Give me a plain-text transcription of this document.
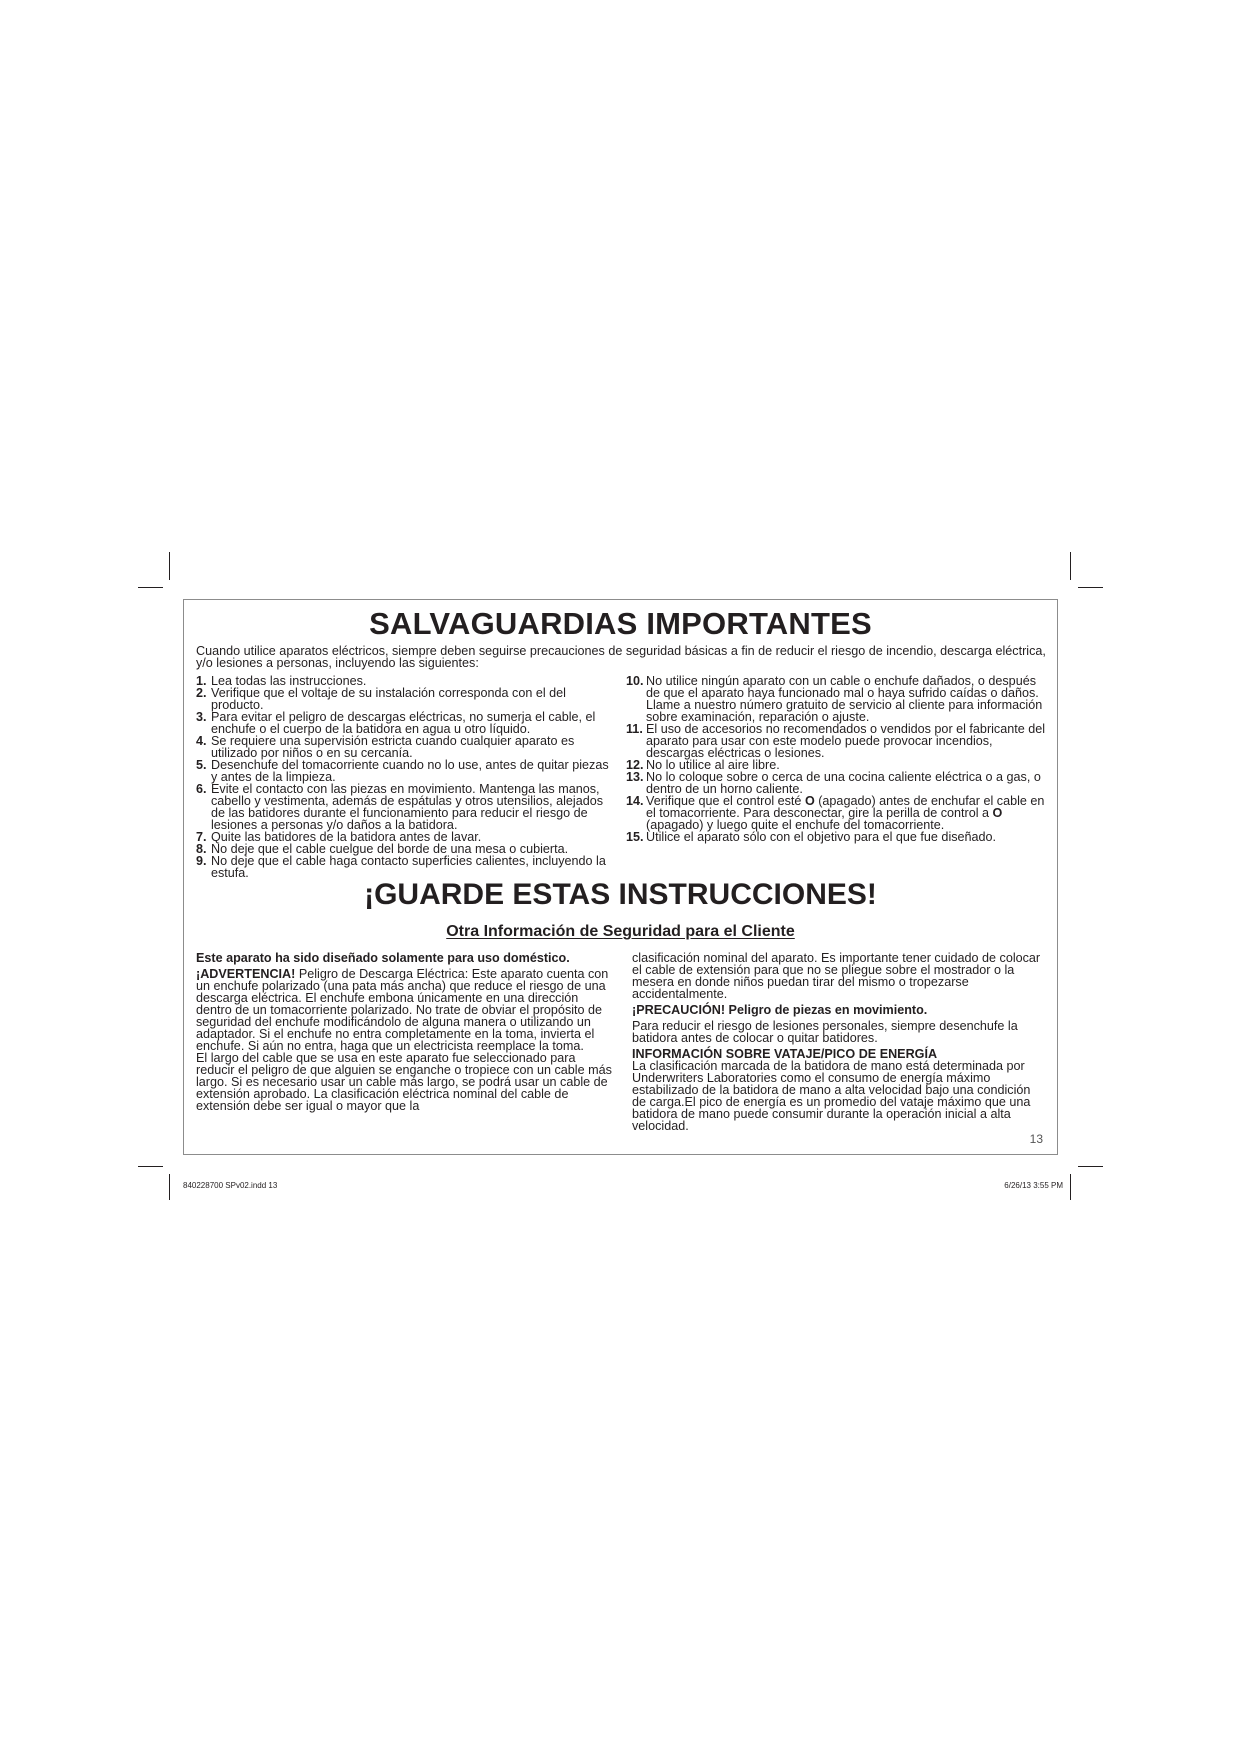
SALVAGUARDIAS IMPORTANTES
Cuando utilice aparatos eléctricos, siempre deben seguirse precauciones de seguridad básicas a fin de reducir el riesgo de incendio, descarga eléctrica, y/o lesiones a personas, incluyendo las siguientes:
1. Lea todas las instrucciones.
2. Verifique que el voltaje de su instalación corresponda con el del producto.
3. Para evitar el peligro de descargas eléctricas, no sumerja el cable, el enchufe o el cuerpo de la batidora en agua u otro líquido.
4. Se requiere una supervisión estricta cuando cualquier aparato es utilizado por niños o en su cercanía.
5. Desenchufe del tomacorriente cuando no lo use, antes de quitar piezas y antes de la limpieza.
6. Evite el contacto con las piezas en movimiento. Mantenga las manos, cabello y vestimenta, además de espátulas y otros utensilios, alejados de las batidores durante el funcionamiento para reducir el riesgo de lesiones a personas y/o daños a la batidora.
7. Quite las batidores de la batidora antes de lavar.
8. No deje que el cable cuelgue del borde de una mesa o cubierta.
9. No deje que el cable haga contacto superficies calientes, incluyendo la estufa.
10. No utilice ningún aparato con un cable o enchufe dañados, o después de que el aparato haya funcionado mal o haya sufrido caídas o daños. Llame a nuestro número gratuito de servicio al cliente para información sobre examinación, reparación o ajuste.
11. El uso de accesorios no recomendados o vendidos por el fabricante del aparato para usar con este modelo puede provocar incendios, descargas eléctricas o lesiones.
12. No lo utilice al aire libre.
13. No lo coloque sobre o cerca de una cocina caliente eléctrica o a gas, o dentro de un horno caliente.
14. Verifique que el control esté O (apagado) antes de enchufar el cable en el tomacorriente. Para desconectar, gire la perilla de control a O (apagado) y luego quite el enchufe del tomacorriente.
15. Utilice el aparato sólo con el objetivo para el que fue diseñado.
¡GUARDE ESTAS INSTRUCCIONES!
Otra Información de Seguridad para el Cliente
Este aparato ha sido diseñado solamente para uso doméstico.
¡ADVERTENCIA! Peligro de Descarga Eléctrica: Este aparato cuenta con un enchufe polarizado (una pata más ancha) que reduce el riesgo de una descarga eléctrica. El enchufe embona únicamente en una dirección dentro de un tomacorriente polarizado. No trate de obviar el propósito de seguridad del enchufe modificándolo de alguna manera o utilizando un adaptador. Si el enchufe no entra completamente en la toma, invierta el enchufe. Si aún no entra, haga que un electricista reemplace la toma.
El largo del cable que se usa en este aparato fue seleccionado para reducir el peligro de que alguien se enganche o tropiece con un cable más largo. Si es necesario usar un cable más largo, se podrá usar un cable de extensión aprobado. La clasificación eléctrica nominal del cable de extensión debe ser igual o mayor que la
clasificación nominal del aparato. Es importante tener cuidado de colocar el cable de extensión para que no se pliegue sobre el mostrador o la mesera en donde niños puedan tirar del mismo o tropezarse accidentalmente.
¡PRECAUCIÓN! Peligro de piezas en movimiento.
Para reducir el riesgo de lesiones personales, siempre desenchufe la batidora antes de colocar o quitar batidores.
INFORMACIÓN SOBRE VATAJE/PICO DE ENERGÍA
La clasificación marcada de la batidora de mano está determinada por Underwriters Laboratories como el consumo de energía máximo estabilizado de la batidora de mano a alta velocidad bajo una condición de carga.El pico de energía es un promedio del vataje máximo que una batidora de mano puede consumir durante la operación inicial a alta velocidad.
13
840228700 SPv02.indd 13	6/26/13 3:55 PM
